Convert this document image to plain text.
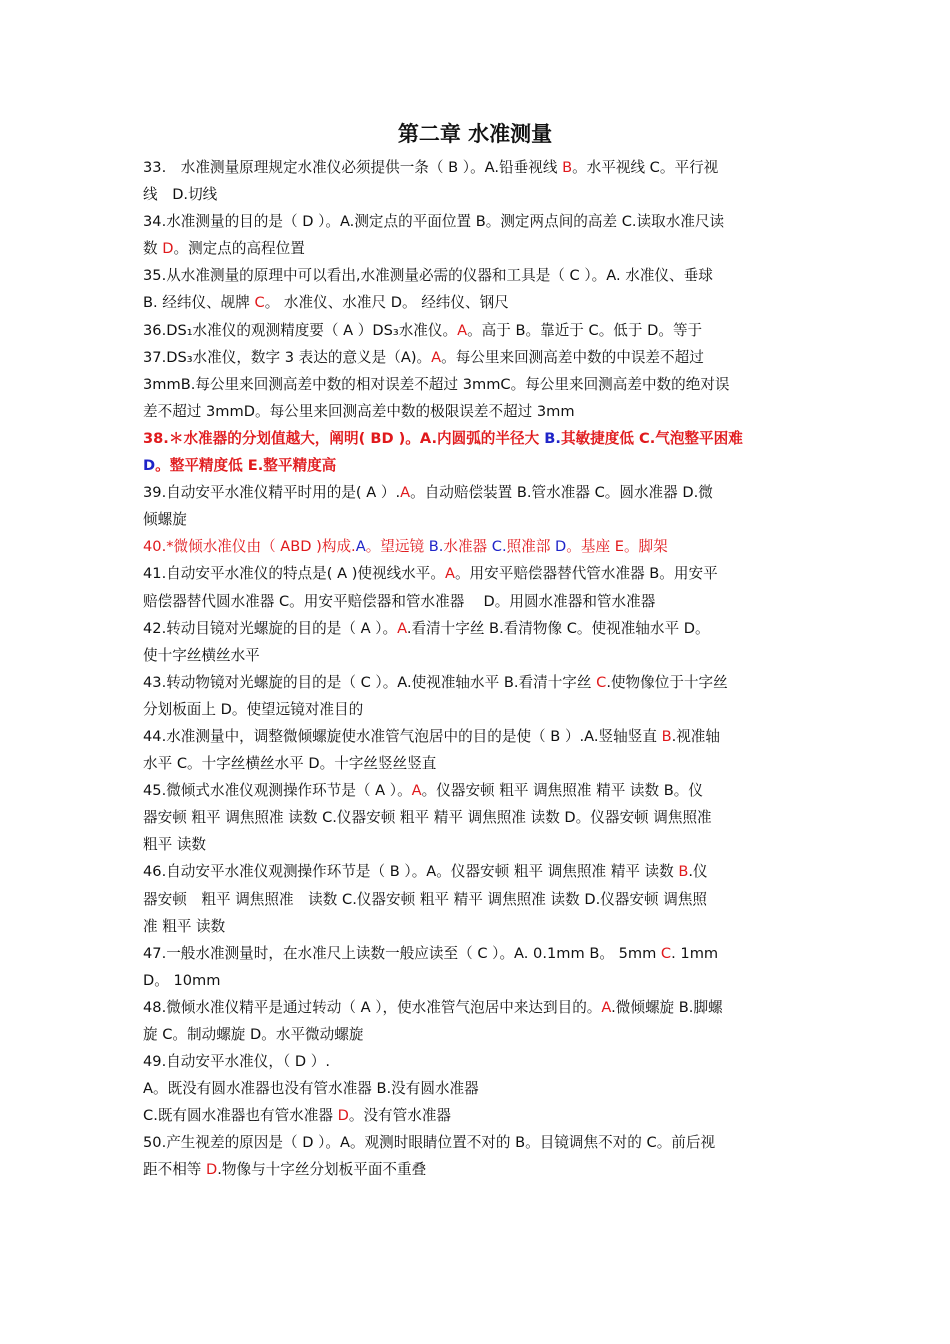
第二章 水准测量
33.　水准测量原理规定水准仪必须提供一条（ B ）。A.铅垂视线 B。水平视线 C。平行视
线　D.切线
34.水准测量的目的是（ D ）。A.测定点的平面位置 B。测定两点间的高差 C.读取水准尺读
数 D。测定点的高程位置
35.从水准测量的原理中可以看出,水准测量必需的仪器和工具是（ C ）。A. 水准仪、垂球
B. 经纬仪、觇牌 C。 水准仪、水准尺 D。 经纬仪、钢尺
36.DS₁水准仪的观测精度要（ A ）DS₃水准仪。A。高于 B。靠近于 C。低于 D。等于
37.DS₃水准仪，数字 3 表达的意义是（A)。A。每公里来回测高差中数的中误差不超过
3mmB.每公里来回测高差中数的相对误差不超过 3mmC。每公里来回测高差中数的绝对误
差不超过 3mmD。每公里来回测高差中数的极限误差不超过 3mm
38.＊水准器的分划值越大，阐明( BD )。A.内圆弧的半径大 B.其敏捷度低 C.气泡整平困难
D。整平精度低 E.整平精度高
39.自动安平水准仪精平时用的是( A ）.A。自动赔偿装置 B.管水准器 C。圆水准器 D.微
倾螺旋
40.*微倾水准仪由（ ABD )构成.A。望远镜 B.水准器 C.照准部 D。基座 E。脚架
41.自动安平水准仪的特点是( A )使视线水平。A。用安平赔偿器替代管水准器 B。用安平
赔偿器替代圆水准器 C。用安平赔偿器和管水准器　 D。用圆水准器和管水准器
42.转动目镜对光螺旋的目的是（ A ）。A.看清十字丝 B.看清物像 C。使视准轴水平 D。
使十字丝横丝水平
43.转动物镜对光螺旋的目的是（ C ）。A.使视准轴水平 B.看清十字丝 C.使物像位于十字丝
分划板面上 D。使望远镜对准目的
44.水准测量中，调整微倾螺旋使水准管气泡居中的目的是使（ B ）.A.竖轴竖直 B.视准轴
水平 C。十字丝横丝水平 D。十字丝竖丝竖直
45.微倾式水准仪观测操作环节是（ A ）。A。仪器安顿 粗平 调焦照准 精平 读数 B。仪
器安顿 粗平 调焦照准 读数 C.仪器安顿 粗平 精平 调焦照准 读数 D。仪器安顿 调焦照准
粗平 读数
46.自动安平水准仪观测操作环节是（ B ）。A。仪器安顿 粗平 调焦照准 精平 读数 B.仪
器安顿　粗平 调焦照准　读数 C.仪器安顿 粗平 精平 调焦照准 读数 D.仪器安顿 调焦照
准 粗平 读数
47.一般水准测量时，在水准尺上读数一般应读至（ C ）。A. 0.1mm B。 5mm C. 1mm
D。 10mm
48.微倾水准仪精平是通过转动（ A ），使水准管气泡居中来达到目的。A.微倾螺旋 B.脚螺
旋 C。制动螺旋 D。水平微动螺旋
49.自动安平水准仪，（ D ）.
A。既没有圆水准器也没有管水准器 B.没有圆水准器
C.既有圆水准器也有管水准器 D。没有管水准器
50.产生视差的原因是（ D ）。A。观测时眼睛位置不对的 B。目镜调焦不对的 C。前后视
距不相等 D.物像与十字丝分划板平面不重叠
